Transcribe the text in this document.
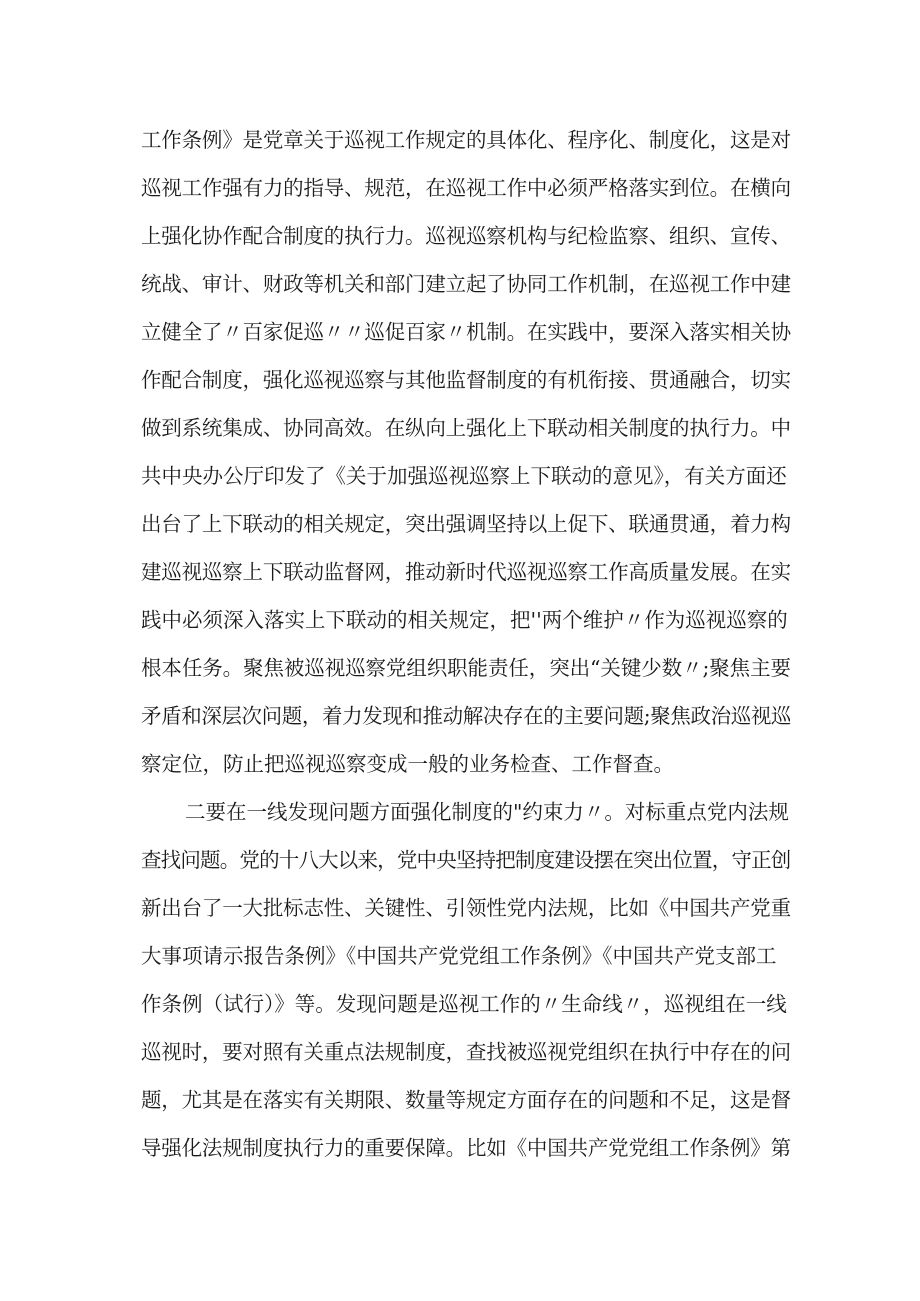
工作条例》是党章关于巡视工作规定的具体化、程序化、制度化，这是对
巡视工作强有力的指导、规范，在巡视工作中必须严格落实到位。在横向
上强化协作配合制度的执行力。巡视巡察机构与纪检监察、组织、宣传、
统战、审计、财政等机关和部门建立起了协同工作机制，在巡视工作中建
立健全了〃百家促巡〃〃巡促百家〃机制。在实践中，要深入落实相关协
作配合制度，强化巡视巡察与其他监督制度的有机衔接、贯通融合，切实
做到系统集成、协同高效。在纵向上强化上下联动相关制度的执行力。中
共中央办公厅印发了《关于加强巡视巡察上下联动的意见》，有关方面还
出台了上下联动的相关规定，突出强调坚持以上促下、联通贯通，着力构
建巡视巡察上下联动监督网，推动新时代巡视巡察工作高质量发展。在实
践中必须深入落实上下联动的相关规定，把''两个维护〃作为巡视巡察的
根本任务。聚焦被巡视巡察党组织职能责任，突出“关键少数〃;聚焦主要
矛盾和深层次问题，着力发现和推动解决存在的主要问题;聚焦政治巡视巡
察定位，防止把巡视巡察变成一般的业务检查、工作督查。
二要在一线发现问题方面强化制度的"约束力〃。对标重点党内法规
查找问题。党的十八大以来，党中央坚持把制度建设摆在突出位置，守正创
新出台了一大批标志性、关键性、引领性党内法规，比如《中国共产党重
大事项请示报告条例》《中国共产党党组工作条例》《中国共产党支部工
作条例（试行）》等。发现问题是巡视工作的〃生命线〃，巡视组在一线
巡视时，要对照有关重点法规制度，查找被巡视党组织在执行中存在的问
题，尤其是在落实有关期限、数量等规定方面存在的问题和不足，这是督
导强化法规制度执行力的重要保障。比如《中国共产党党组工作条例》第
